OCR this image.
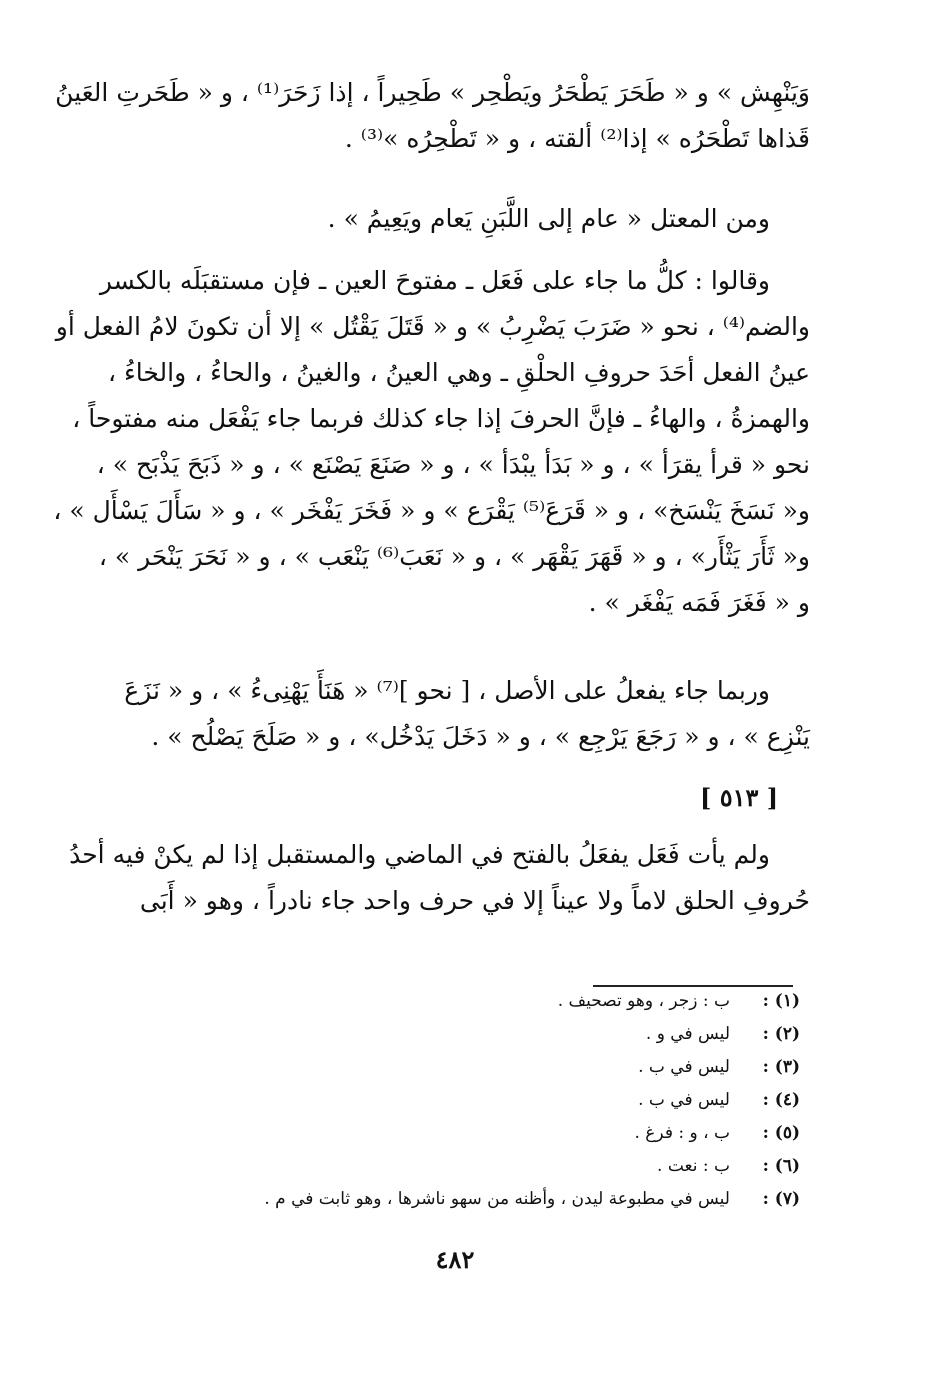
وَيَنْهِش » و « طَحَرَ يَطْحَرُ ويَطْحِر » طَحِيراً ، إذا زَحَرَ⁽¹⁾ ، و « طَحَرتِ العَينُ
قَذاها تَطْحَرُه » إذا⁽²⁾ ألقته ، و « تَطْحِرُه »⁽³⁾ .
ومن المعتل « عام إلى اللَّبَنِ يَعام ويَعِيمُ » .
وقالوا : كلُّ ما جاء على فَعَل ـ مفتوحَ العين ـ فإن مستقبَلَه بالكسر
والضم⁽⁴⁾ ، نحو « ضَرَبَ يَضْرِبُ » و « قَتَلَ يَقْتُل » إلا أن تكونَ لامُ الفعل أو
عينُ الفعل أحَدَ حروفِ الحلْقِ ـ وهي العينُ ، والغينُ ، والحاءُ ، والخاءُ ،
والهمزةُ ، والهاءُ ـ فإنَّ الحرفَ إذا جاء كذلك فربما جاء يَفْعَل منه مفتوحاً ،
نحو « قرأ يقرَأ » ، و « بَدَأ يبْدَأ » ، و « صَنَعَ يَصْنَع » ، و « ذَبَحَ يَذْبَح » ،
و« نَسَخَ يَنْسَخ» ، و « قَرَعَ⁽⁵⁾ يَقْرَع » و « فَخَرَ يَفْخَر » ، و « سَأَلَ يَسْأَل » ،
و« ثَأَرَ يَثْأَر» ، و « قَهَرَ يَقْهَر » ، و « نَعَبَ⁽⁶⁾ يَنْعَب » ، و « نَحَرَ يَنْحَر » ،
و « فَغَرَ فَمَه يَفْغَر » .
وربما جاء يفعلُ على الأصل ، [ نحو ]⁽⁷⁾ « هَنَأَ يَهْنِىءُ » ، و « نَزَعَ
يَنْزِع » ، و « رَجَعَ يَرْجِع » ، و « دَخَلَ يَدْخُل» ، و « صَلَحَ يَصْلُح » .
[ ٥١٣ ]
ولم يأت فَعَل يفعَلُ بالفتح في الماضي والمستقبل إذا لم يكنْ فيه أحدُ
حُروفِ الحلق لاماً ولا عيناً إلا في حرف واحد جاء نادراً ، وهو « أَبَى
(١) :
ب : زجر ، وهو تصحيف .
(٢) :
ليس في و .
(٣) :
ليس في ب .
(٤) :
ليس في ب .
(٥) :
ب ، و : فرغ .
(٦) :
ب : نعت .
(٧) :
ليس في مطبوعة ليدن ، وأظنه من سهو ناشرها ، وهو ثابت في م .
٤٨٢
